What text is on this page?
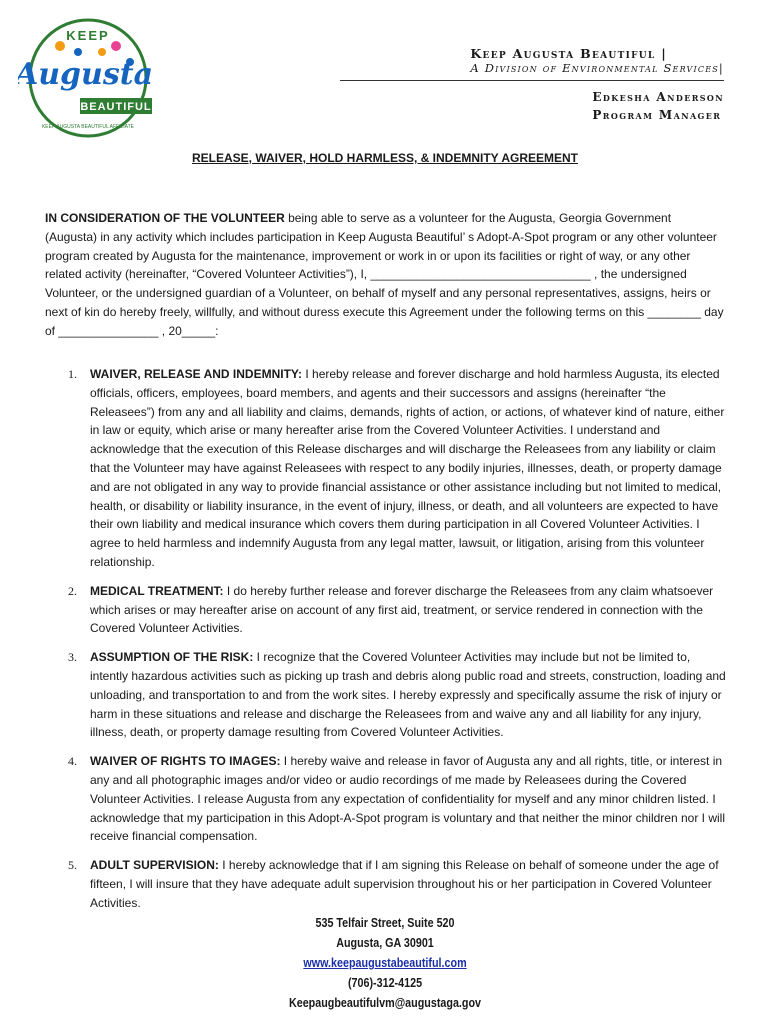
KEEP
Augusta
BEAUTIFUL
KEEP AUGUSTA BEAUTIFUL AFFILIATE
Keep Augusta Beautiful |
A Division of Environmental Services|
Edkesha Anderson
Program Manager
RELEASE, WAIVER, HOLD HARMLESS, & INDEMNITY AGREEMENT
IN CONSIDERATION OF THE VOLUNTEER being able to serve as a volunteer for the Augusta, Georgia Government (Augusta) in any activity which includes participation in Keep Augusta Beautiful’ s Adopt-A-Spot program or any other volunteer program created by Augusta for the maintenance, improvement or work in or upon its facilities or right of way, or any other related activity (hereinafter, “Covered Volunteer Activities”), I, _________________________________ , the undersigned Volunteer, or the undersigned guardian of a Volunteer, on behalf of myself and any personal representatives, assigns, heirs or next of kin do hereby freely, willfully, and without duress execute this Agreement under the following terms on this ________ day of _______________ , 20_____:
1. WAIVER, RELEASE AND INDEMNITY: I hereby release and forever discharge and hold harmless Augusta, its elected officials, officers, employees, board members, and agents and their successors and assigns (hereinafter “the Releasees”) from any and all liability and claims, demands, rights of action, or actions, of whatever kind of nature, either in law or equity, which arise or many hereafter arise from the Covered Volunteer Activities. I understand and acknowledge that the execution of this Release discharges and will discharge the Releasees from any liability or claim that the Volunteer may have against Releasees with respect to any bodily injuries, illnesses, death, or property damage and are not obligated in any way to provide financial assistance or other assistance including but not limited to medical, health, or disability or liability insurance, in the event of injury, illness, or death, and all volunteers are expected to have their own liability and medical insurance which covers them during participation in all Covered Volunteer Activities. I agree to held harmless and indemnify Augusta from any legal matter, lawsuit, or litigation, arising from this volunteer relationship.
2. MEDICAL TREATMENT: I do hereby further release and forever discharge the Releasees from any claim whatsoever which arises or may hereafter arise on account of any first aid, treatment, or service rendered in connection with the Covered Volunteer Activities.
3. ASSUMPTION OF THE RISK: I recognize that the Covered Volunteer Activities may include but not be limited to, intently hazardous activities such as picking up trash and debris along public road and streets, construction, loading and unloading, and transportation to and from the work sites. I hereby expressly and specifically assume the risk of injury or harm in these situations and release and discharge the Releasees from and waive any and all liability for any injury, illness, death, or property damage resulting from Covered Volunteer Activities.
4. WAIVER OF RIGHTS TO IMAGES: I hereby waive and release in favor of Augusta any and all rights, title, or interest in any and all photographic images and/or video or audio recordings of me made by Releasees during the Covered Volunteer Activities. I release Augusta from any expectation of confidentiality for myself and any minor children listed. I acknowledge that my participation in this Adopt-A-Spot program is voluntary and that neither the minor children nor I will receive financial compensation.
5. ADULT SUPERVISION: I hereby acknowledge that if I am signing this Release on behalf of someone under the age of fifteen, I will insure that they have adequate adult supervision throughout his or her participation in Covered Volunteer Activities.
535 Telfair Street, Suite 520
Augusta, GA 30901
www.keepaugustabeautiful.com
(706)-312-4125
Keepaugbeautifulvm@augustaga.gov
